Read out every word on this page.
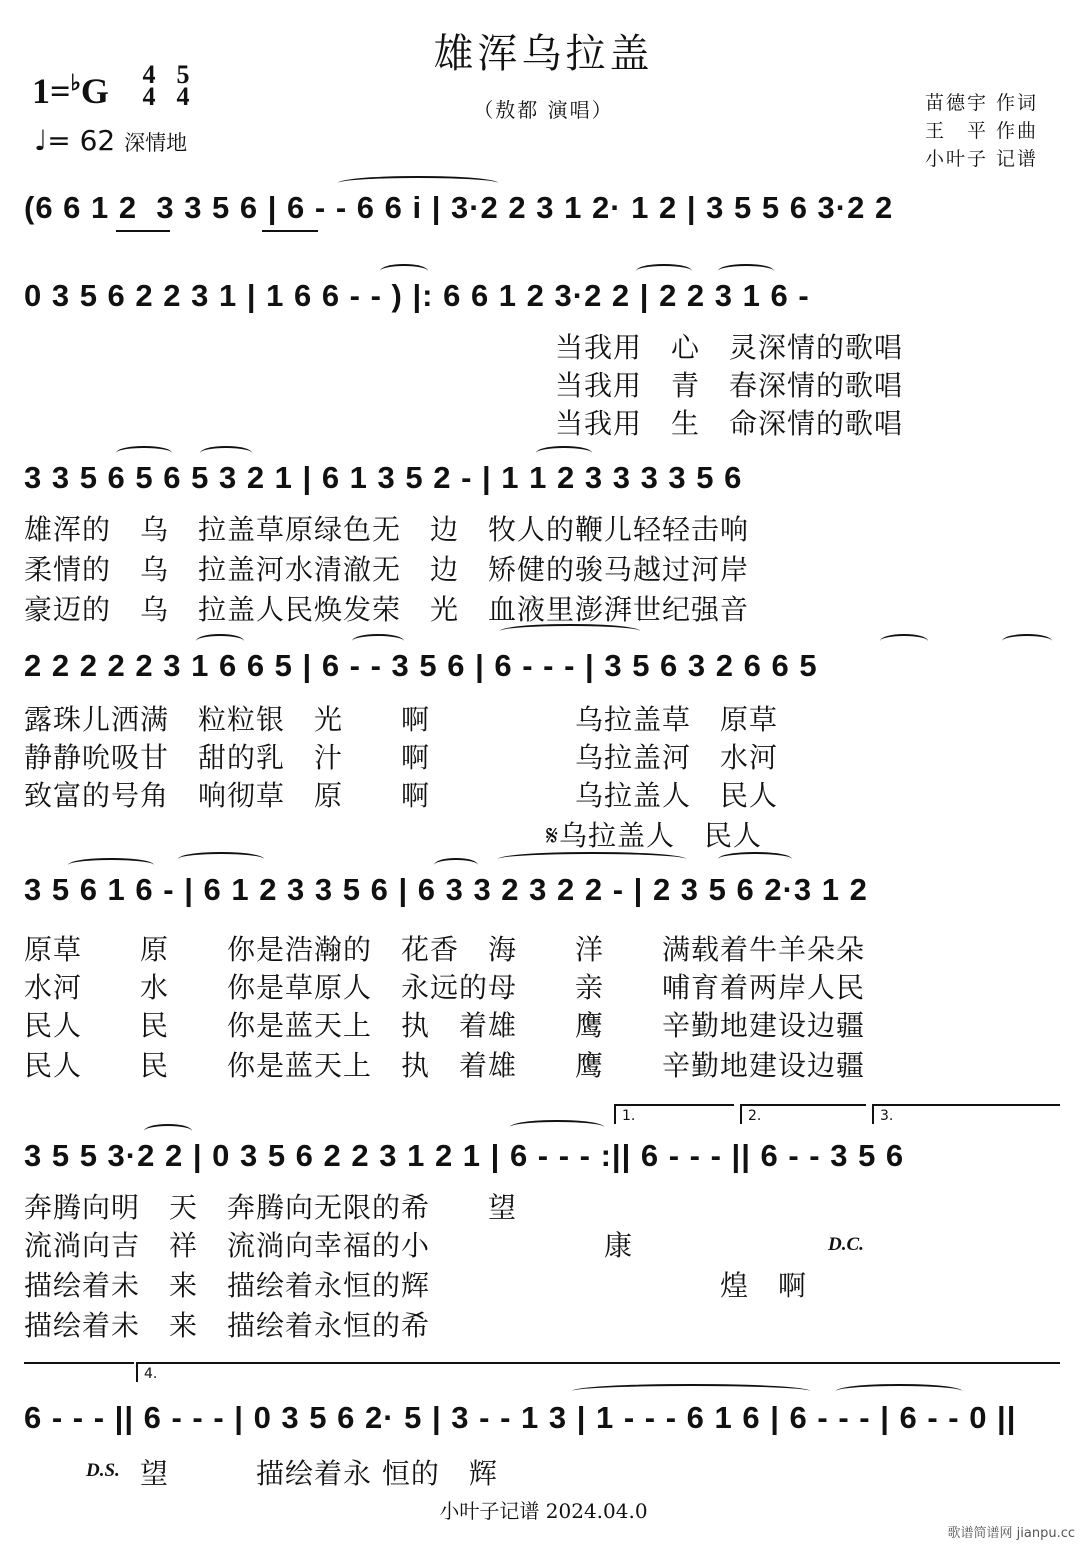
雄浑乌拉盖
（敖都 演唱）
1=♭G 4
4
5
4
♩= 62 深情地
苗德宇 作词
王　平 作曲
小叶子 记谱
(6 6 1 2  3 3 5 6 | 6 - - 6 6 i | 3·2 2 3 1 2· 1 2 | 3 5 5 6 3·2 2
0 3 5 6 2 2 3 1 | 1 6 6 - - ) |: 6 6 1 2 3·2 2 | 2 2 3 1 6 -
当我用　心　灵深情的歌唱
当我用　青　春深情的歌唱
当我用　生　命深情的歌唱
3 3 5 6 5 6 5 3 2 1 | 6 1 3 5 2 - | 1 1 2 3 3 3 3 5 6
雄浑的　乌　拉盖草原绿色无　边　牧人的鞭儿轻轻击响
柔情的　乌　拉盖河水清澈无　边　矫健的骏马越过河岸
豪迈的　乌　拉盖人民焕发荣　光　血液里澎湃世纪强音
2 2 2 2 2 3 1 6 6 5 | 6 - - 3 5 6 | 6 - - - | 3 5 6 3 2 6 6 5
露珠儿洒满　粒粒银　光　　啊　　　　　乌拉盖草　原草
静静吮吸甘　甜的乳　汁　　啊　　　　　乌拉盖河　水河
致富的号角　响彻草　原　　啊　　　　　乌拉盖人　民人
　　　　　　　　　　　　　　　　　　𝄋乌拉盖人　民人
3 5 6 1 6 - | 6 1 2 3 3 5 6 | 6 3 3 2 3 2 2 - | 2 3 5 6 2·3 1 2
原草　　原　　你是浩瀚的　花香　海　　洋　　满载着牛羊朵朵
水河　　水　　你是草原人　永远的母　　亲　　哺育着两岸人民
民人　　民　　你是蓝天上　执　着雄　　鹰　　辛勤地建设边疆
民人　　民　　你是蓝天上　执　着雄　　鹰　　辛勤地建设边疆
1.	2.	3.
3 5 5 3·2 2 | 0 3 5 6 2 2 3 1 2 1 | 6 - - - :|| 6 - - - || 6 - - 3 5 6
奔腾向明　天　奔腾向无限的希　　望
流淌向吉　祥　流淌向幸福的小　　　　　　康	D.C.
描绘着未　来　描绘着永恒的辉　　　　　　　　　　煌　啊
描绘着未　来　描绘着永恒的希
4.
6 - - - || 6 - - - | 0 3 5 6 2· 5 | 3 - - 1 3 | 1 - - - 6 1 6 | 6 - - - | 6 - - 0 ||
D.S. 望　　　描绘着永 恒的　辉
小叶子记谱 2024.04.0
歌谱简谱网 jianpu.cc
